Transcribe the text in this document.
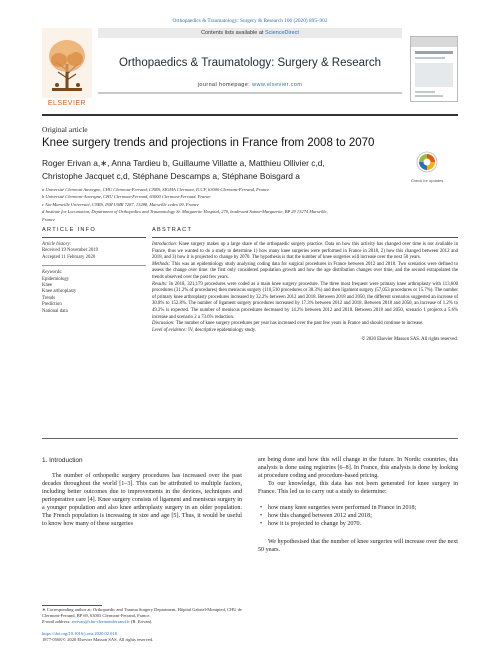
Orthopaedics & Traumatology: Surgery & Research 106 (2020) 895–902
ELSEVIER
Contents lists available at ScienceDirect
Orthopaedics & Traumatology: Surgery & Research
journal homepage: www.elsevier.com
Original article
Knee surgery trends and projections in France from 2008 to 2070
Check for updates
Roger Erivan a,∗, Anna Tardieu b, Guillaume Villatte a, Matthieu Ollivier c,d,
Christophe Jacquet c,d, Stéphane Descamps a, Stéphane Boisgard a
a Université Clermont Auvergne, CHU Clermont-Ferrand, CNRS, SIGMA Clermont, ICCF, 63000 Clermont-Ferrand, France
b Université Clermont-Auvergne, CHU Clermont-Ferrand, 63000 Clermont-Ferrand, France
c Aix-Marseille Université, CNRS, ISM UMR 7287, 13288, Marseille cedex 09, France
d Institute for Locomotion, Department of Orthopedics and Traumatology St. Marguerite Hospital, 270, boulevard Sainte-Marguerite, BP 29 13274 Marseille,
France
ARTICLE INFO
Article history:
Received 19 November 2019
Accepted 11 February 2020
Keywords:
Epidemiology
Knee
Knee arthroplasty
Trends
Prediction
National data
ABSTRACT

Introduction: Knee surgery makes up a large share of the orthopaedic surgery practice. Data on how this activity has changed over time is not available in France, thus we wanted to do a study to determine 1) how many knee surgeries were performed in France in 2018, 2) how this changed between 2012 and 2018, and 3) how it is projected to change by 2070. The hypothesis is that the number of knee surgeries will increase over the next 50 years.

Methods: This was an epidemiology study analysing coding data for surgical procedures in France between 2012 and 2018. Two scenarios were defined to assess the change over time: the first only considered population growth and how the age distribution changes over time, and the second extrapolated the trends observed over the past few years.

Results: In 2018, 321,179 procedures were coded as a main knee surgery procedure. The three most frequent were primary knee arthroplasty with 113,600 procedures (31.2% of procedures) then meniscus surgery (110,510 procedures or 30.3%) and then ligament surgery (57,053 procedures or 15.7%). The number of primary knee arthroplasty procedures increased by 32.2% between 2012 and 2018. Between 2018 and 2050, the different scenarios suggested an increase of 30.8% to 152.8%. The number of ligament surgery procedures increased by 17.3% between 2012 and 2018. Between 2018 and 2050, an increase of 1.2% to 49.2% is expected. The number of meniscus procedures decreased by 14.2% between 2012 and 2018. Between 2018 and 2050, scenario 1 projects a 5.6% increase and scenario 2 a 73.6% reduction.

Discussion: The number of knee surgery procedures per year has increased over the past few years in France and should continue to increase.

Level of evidence: IV, descriptive epidemiology study.

© 2020 Elsevier Masson SAS. All rights reserved.
1. Introduction

The number of orthopedic surgery procedures has increased over the past decades throughout the world [1–3]. This can be attributed to multiple factors, including better outcomes due to improvements in the devices, techniques and perioperative care [4]. Knee surgery consists of ligament and meniscus surgery in a younger population and also knee arthroplasty surgery in an older population. The French population is increasing in size and age [5]. Thus, it would be useful to know how many of these surgeries

are being done and how this will change in the future. In Nordic countries, this analysis is done using registries [6–8]. In France, this analysis is done by looking at procedure coding and procedure-based pricing.

To our knowledge, this data has not been generated for knee surgery in France. This led us to carry out a study to determine:

• how many knee surgeries were performed in France in 2018;
• how this changed between 2012 and 2018;
• how it is projected to change by 2070.

We hypothesised that the number of knee surgeries will increase over the next 50 years.

∗ Corresponding author at: Orthopaedic and Trauma Surgery Department, Hôpital Gabriel-Montpied, CHU de Clermont-Ferrand, BP 69, 63003 Clermont-Ferrand, France.
E-mail address: rerivan@chu-clermontferrand.fr (R. Erivan).
https://doi.org/10.1016/j.otsr.2020.02.018
1877-0568/© 2020 Elsevier Masson SAS. All rights reserved.
